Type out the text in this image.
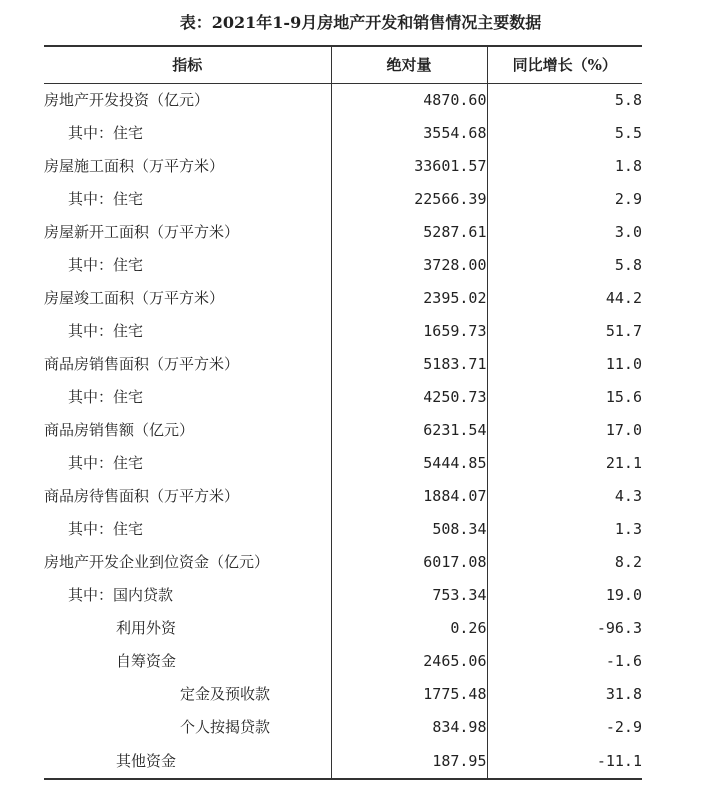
表：2021年1-9月房地产开发和销售情况主要数据
指标	绝对量	同比增长（%）
房地产开发投资（亿元）	4870.60	5.8
其中：住宅	3554.68	5.5
房屋施工面积（万平方米）	33601.57	1.8
其中：住宅	22566.39	2.9
房屋新开工面积（万平方米）	5287.61	3.0
其中：住宅	3728.00	5.8
房屋竣工面积（万平方米）	2395.02	44.2
其中：住宅	1659.73	51.7
商品房销售面积（万平方米）	5183.71	11.0
其中：住宅	4250.73	15.6
商品房销售额（亿元）	6231.54	17.0
其中：住宅	5444.85	21.1
商品房待售面积（万平方米）	1884.07	4.3
其中：住宅	508.34	1.3
房地产开发企业到位资金（亿元）	6017.08	8.2
其中：国内贷款	753.34	19.0
利用外资	0.26	-96.3
自筹资金	2465.06	-1.6
定金及预收款	1775.48	31.8
个人按揭贷款	834.98	-2.9
其他资金	187.95	-11.1
